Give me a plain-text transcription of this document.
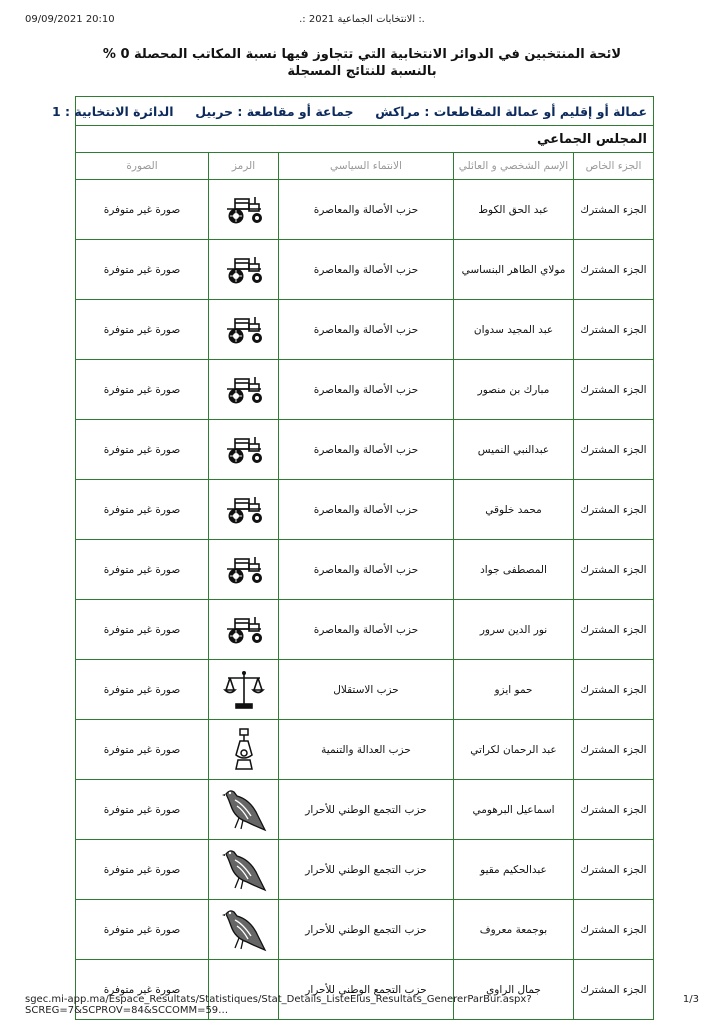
09/09/2021 20:10	.: الانتخابات الجماعية 2021 :.
لائحة المنتخبين في الدوائر الانتخابية التي تتجاوز فيها نسبة المكاتب المحصلة 0 %
بالنسبة للنتائج المسجلة
عمالة أو إقليم أو عمالة المقاطعات : مراكش     جماعة أو مقاطعة : حربيل     الدائرة الانتخابية : 1				
المجلس الجماعي				
الجزء الخاص	الإسم الشخصي و العائلي	الانتماء السياسي	الرمز	الصورة
الجزء المشترك	عبد الحق الكوط	حزب الأصالة والمعاصرة		صورة غير متوفرة
الجزء المشترك	مولاي الطاهر البنساسي	حزب الأصالة والمعاصرة		صورة غير متوفرة
الجزء المشترك	عبد المجيد سدوان	حزب الأصالة والمعاصرة		صورة غير متوفرة
الجزء المشترك	مبارك بن منصور	حزب الأصالة والمعاصرة		صورة غير متوفرة
الجزء المشترك	عبدالنبي النميس	حزب الأصالة والمعاصرة		صورة غير متوفرة
الجزء المشترك	محمد خلوقي	حزب الأصالة والمعاصرة		صورة غير متوفرة
الجزء المشترك	المصطفى جواد	حزب الأصالة والمعاصرة		صورة غير متوفرة
الجزء المشترك	نور الدين سرور	حزب الأصالة والمعاصرة		صورة غير متوفرة
الجزء المشترك	حمو ايزو	حزب الاستقلال		صورة غير متوفرة
الجزء المشترك	عبد الرحمان لكراتي	حزب العدالة والتنمية		صورة غير متوفرة
الجزء المشترك	اسماعيل البرهومي	حزب التجمع الوطني للأحرار		صورة غير متوفرة
الجزء المشترك	عبدالحكيم مقيو	حزب التجمع الوطني للأحرار		صورة غير متوفرة
الجزء المشترك	بوجمعة معروف	حزب التجمع الوطني للأحرار		صورة غير متوفرة
الجزء المشترك	جمال الراوي	حزب التجمع الوطني للأحرار		صورة غير متوفرة
sgec.mi-app.ma/Espace_Resultats/Statistiques/Stat_Details_ListeElus_Resultats_GenererParBur.aspx?SCREG=7&SCPROV=84&SCCOMM=59…
1/3
